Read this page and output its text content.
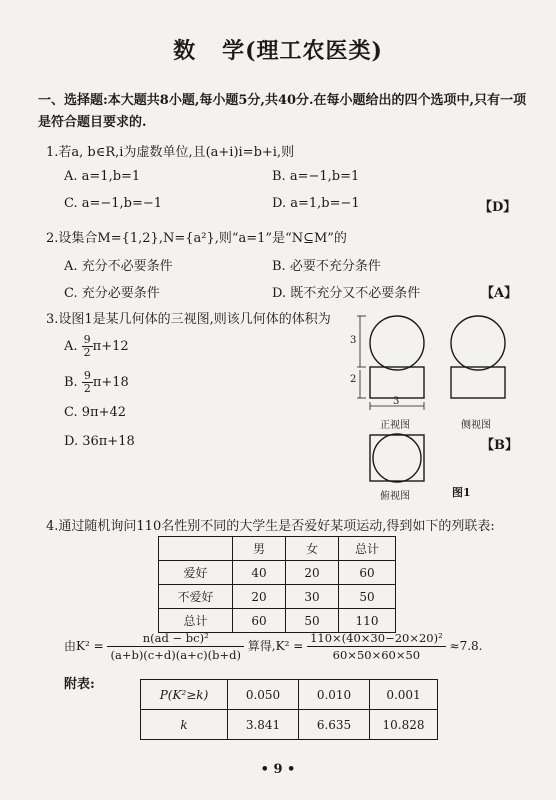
数 学(理工农医类)
一、选择题:本大题共8小题,每小题5分,共40分.在每小题给出的四个选项中,只有一项是符合题目要求的.
1.若a, b∈R,i为虚数单位,且(a+i)i=b+i,则
A. a=1,b=1	B. a=−1,b=1
C. a=−1,b=−1	D. a=1,b=−1	【D】
2.设集合M={1,2},N={a²},则“a=1”是“N⊆M”的
A. 充分不必要条件	B. 必要不充分条件
C. 充分必要条件	D. 既不充分又不必要条件	【A】
3.设图1是某几何体的三视图,则该几何体的体积为
A. $\frac{9}{2} \pi+12$
B. $\frac{9}{2} \pi+18$
C. 9π+42
D. 36π+18	【B】
3
2
3
正视图	侧视图
俯视图	图1
4.通过随机询问110名性别不同的大学生是否爱好某项运动,得到如下的列联表:
	男	女	总计
爱好	40	20	60
不爱好	20	30	50
总计	60	50	110
由$K^2 = \frac{\text{n(ad − bc)²}}{(a+b)(c+d)(a+c)(b+d)}$ 算得$,K^2 = \frac{\text{110×(40×30−20×20)²}}{60\times 50\times 60\times 50} \approx 7.8$.
附表:
P(K²≥k)	0.050	0.010	0.001
k	3.841	6.635	10.828
• 9 •
